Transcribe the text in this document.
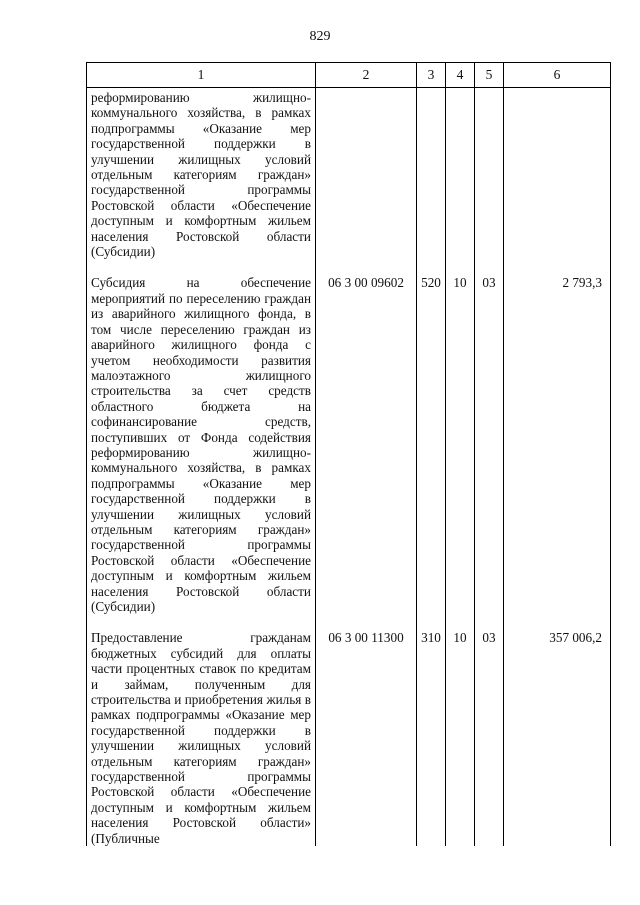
829
1	2	3	4	5	6
реформированию жилищно-коммунального хозяйства, в рамках подпрограммы «Оказание мер государственной поддержки в улучшении жилищных условий отдельным категориям граждан» государственной программы Ростовской области «Обеспечение доступным и комфортным жильем населения Ростовской области (Субсидии)					

Субсидия на обеспечение мероприятий по переселению граждан из аварийного жилищного фонда, в том числе переселению граждан из аварийного жилищного фонда с учетом необходимости развития малоэтажного жилищного строительства за счет средств областного бюджета на софинансирование средств, поступивших от Фонда содействия реформированию жилищно-коммунального хозяйства, в рамках подпрограммы «Оказание мер государственной поддержки в улучшении жилищных условий отдельным категориям граждан» государственной программы Ростовской области «Обеспечение доступным и комфортным жильем населения Ростовской области (Субсидии)	06 3 00 09602	520	10	03	2 793,3

Предоставление гражданам бюджетных субсидий для оплаты части процентных ставок по кредитам и займам, полученным для строительства и приобретения жилья в рамках подпрограммы «Оказание мер государственной поддержки в улучшении жилищных условий отдельным категориям граждан» государственной программы Ростовской области «Обеспечение доступным и комфортным жильем населения Ростовской области» (Публичные	06 3 00 11300	310	10	03	357 006,2
